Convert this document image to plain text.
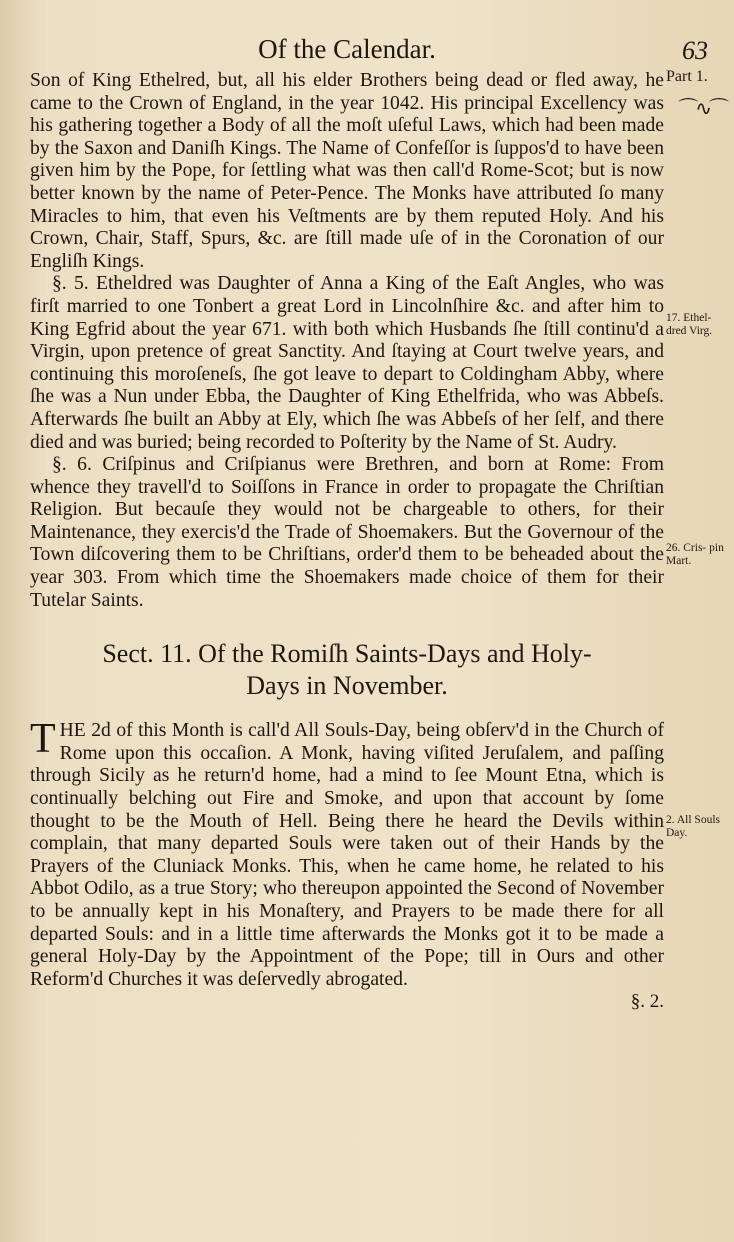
Of the Calendar.	63
Part 1.
⌒∿⌒
17. Ethel- dred Virg.
26. Cris- pin Mart.
2. All Souls Day.

Son of King Ethelred, but, all his elder Brothers being dead or fled away, he came to the Crown of England, in the year 1042. His principal Excellency was his gathering together a Body of all the moſt uſeful Laws, which had been made by the Saxon and Daniſh Kings. The Name of Confeſſor is ſuppos'd to have been given him by the Pope, for ſettling what was then call'd Rome-Scot; but is now better known by the name of Peter-Pence. The Monks have attributed ſo many Miracles to him, that even his Veſtments are by them reputed Holy. And his Crown, Chair, Staff, Spurs, &c. are ſtill made uſe of in the Coronation of our Engliſh Kings.

§. 5. Etheldred was Daughter of Anna a King of the Eaſt Angles, who was firſt married to one Tonbert a great Lord in Lincolnſhire &c. and after him to King Egfrid about the year 671. with both which Husbands ſhe ſtill continu'd a Virgin, upon pretence of great Sanctity. And ſtaying at Court twelve years, and continuing this moroſeneſs, ſhe got leave to depart to Coldingham Abby, where ſhe was a Nun under Ebba, the Daughter of King Ethelfrida, who was Abbeſs. Afterwards ſhe built an Abby at Ely, which ſhe was Abbeſs of her ſelf, and there died and was buried; being recorded to Poſterity by the Name of St. Audry.

§. 6. Criſpinus and Criſpianus were Brethren, and born at Rome: From whence they travell'd to Soiſſons in France in order to propagate the Chriſtian Religion. But becauſe they would not be chargeable to others, for their Maintenance, they exercis'd the Trade of Shoemakers. But the Governour of the Town diſcovering them to be Chriſtians, order'd them to be beheaded about the year 303. From which time the Shoemakers made choice of them for their Tutelar Saints.

Sect. 11. Of the Romiſh Saints-Days and Holy-
Days in November.

THE 2d of this Month is call'd All Souls-Day, being obſerv'd in the Church of Rome upon this occaſion. A Monk, having viſited Jeruſalem, and paſſing through Sicily as he return'd home, had a mind to ſee Mount Etna, which is continually belching out Fire and Smoke, and upon that account by ſome thought to be the Mouth of Hell. Being there he heard the Devils within complain, that many departed Souls were taken out of their Hands by the Prayers of the Cluniack Monks. This, when he came home, he related to his Abbot Odilo, as a true Story; who thereupon appointed the Second of November to be annually kept in his Monaſtery, and Prayers to be made there for all departed Souls: and in a little time afterwards the Monks got it to be made a general Holy-Day by the Appointment of the Pope; till in Ours and other Reform'd Churches it was deſervedly abrogated.

§. 2.
